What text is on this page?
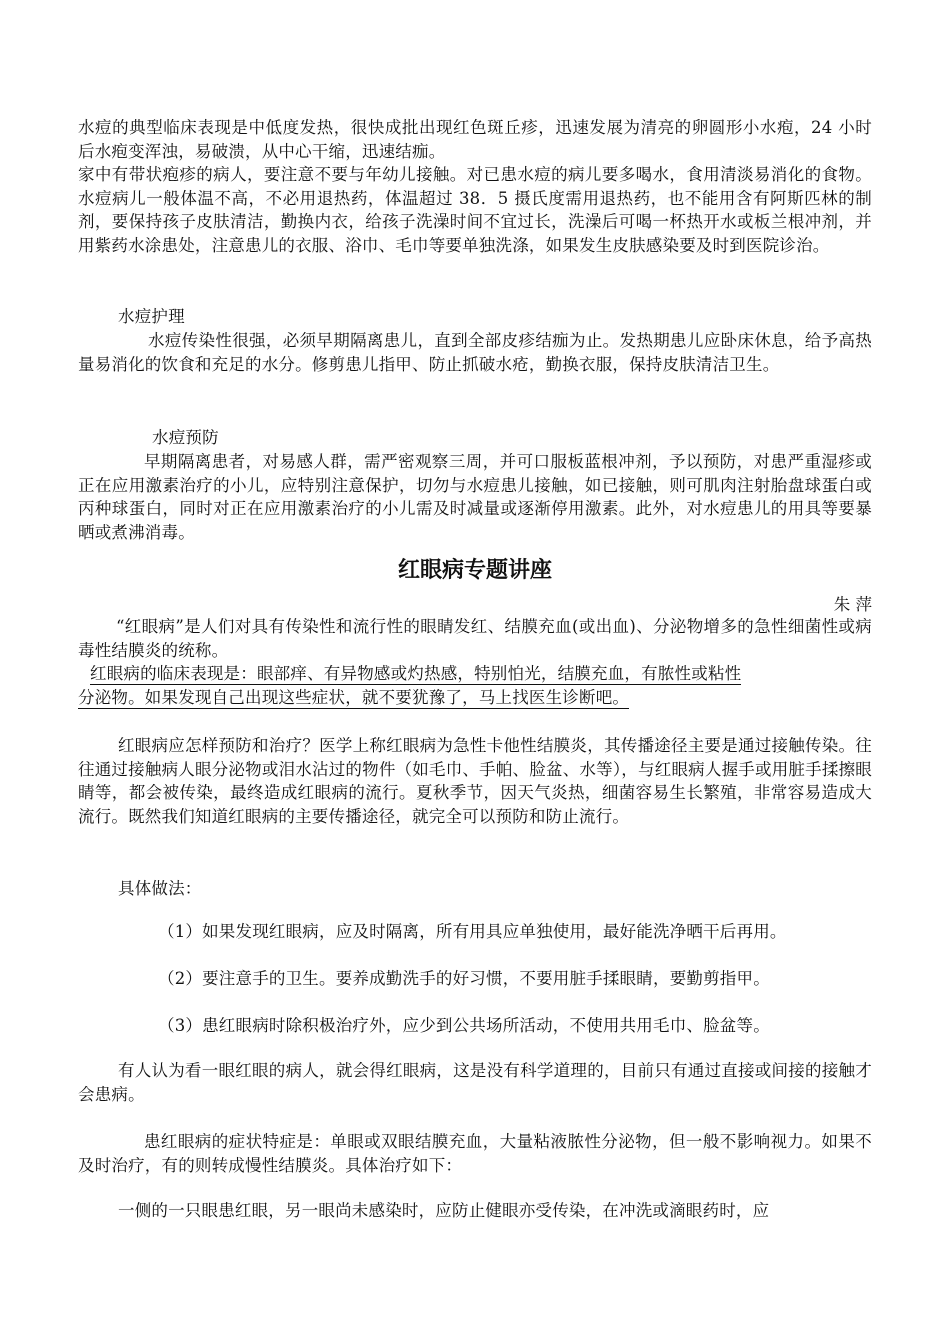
水痘的典型临床表现是中低度发热，很快成批出现红色斑丘疹，迅速发展为清亮的卵圆形小水疱，24 小时后水疱变浑浊，易破溃，从中心干缩，迅速结痂。

家中有带状疱疹的病人，要注意不要与年幼儿接触。对已患水痘的病儿要多喝水，食用清淡易消化的食物。水痘病儿一般体温不高，不必用退热药，体温超过 38．5 摄氏度需用退热药，也不能用含有阿斯匹林的制剂，要保持孩子皮肤清洁，勤换内衣，给孩子洗澡时间不宜过长，洗澡后可喝一杯热开水或板兰根冲剂，并用紫药水涂患处，注意患儿的衣服、浴巾、毛巾等要单独洗涤，如果发生皮肤感染要及时到医院诊治。

水痘护理

水痘传染性很强，必须早期隔离患儿，直到全部皮疹结痂为止。发热期患儿应卧床休息，给予高热量易消化的饮食和充足的水分。修剪患儿指甲、防止抓破水疮，勤换衣服，保持皮肤清洁卫生。

水痘预防

早期隔离患者，对易感人群，需严密观察三周，并可口服板蓝根冲剂，予以预防，对患严重湿疹或正在应用激素治疗的小儿，应特别注意保护，切勿与水痘患儿接触，如已接触，则可肌肉注射胎盘球蛋白或丙种球蛋白，同时对正在应用激素治疗的小儿需及时减量或逐渐停用激素。此外，对水痘患儿的用具等要暴晒或煮沸消毒。

红眼病专题讲座
朱 萍

“红眼病”是人们对具有传染性和流行性的眼睛发红、结膜充血(或出血)、分泌物增多的急性细菌性或病毒性结膜炎的统称。

红眼病的临床表现是：眼部痒、有异物感或灼热感，特别怕光，结膜充血，有脓性或粘性

分泌物。如果发现自己出现这些症状，就不要犹豫了，马上找医生诊断吧。

红眼病应怎样预防和治疗？医学上称红眼病为急性卡他性结膜炎，其传播途径主要是通过接触传染。往往通过接触病人眼分泌物或泪水沾过的物件（如毛巾、手帕、脸盆、水等），与红眼病人握手或用脏手揉擦眼睛等，都会被传染，最终造成红眼病的流行。夏秋季节，因天气炎热，细菌容易生长繁殖，非常容易造成大流行。既然我们知道红眼病的主要传播途径，就完全可以预防和防止流行。

具体做法：

（1）如果发现红眼病，应及时隔离，所有用具应单独使用，最好能洗净晒干后再用。

（2）要注意手的卫生。要养成勤洗手的好习惯，不要用脏手揉眼睛，要勤剪指甲。

（3）患红眼病时除积极治疗外，应少到公共场所活动，不使用共用毛巾、脸盆等。

有人认为看一眼红眼的病人，就会得红眼病，这是没有科学道理的，目前只有通过直接或间接的接触才会患病。

患红眼病的症状特症是：单眼或双眼结膜充血，大量粘液脓性分泌物，但一般不影响视力。如果不及时治疗，有的则转成慢性结膜炎。具体治疗如下：

一侧的一只眼患红眼，另一眼尚未感染时，应防止健眼亦受传染，在冲洗或滴眼药时，应
